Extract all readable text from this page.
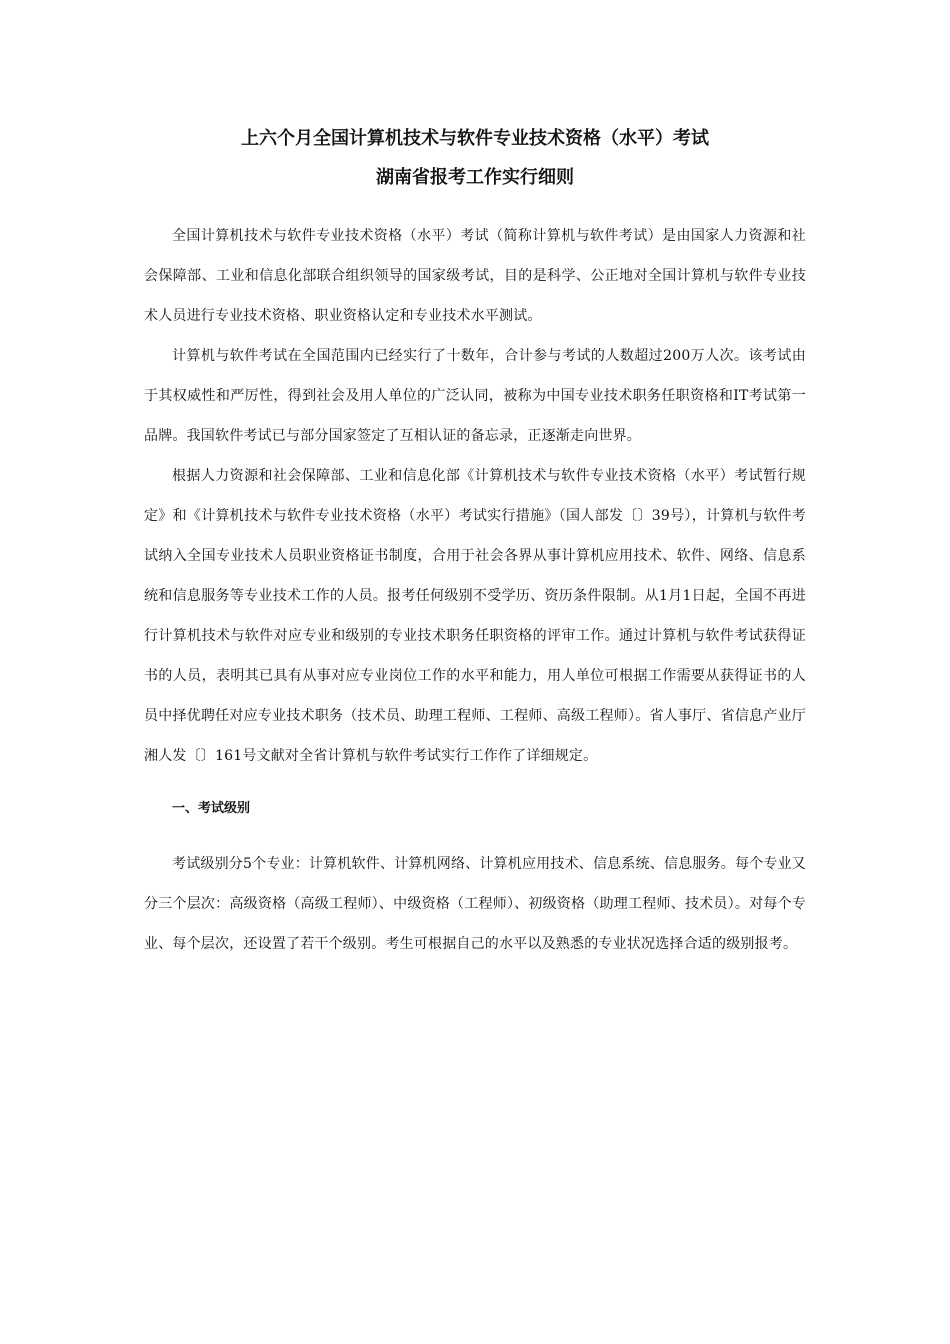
上六个月全国计算机技术与软件专业技术资格（水平）考试
湖南省报考工作实行细则

全国计算机技术与软件专业技术资格（水平）考试（简称计算机与软件考试）是由国家人力资源和社会保障部、工业和信息化部联合组织领导的国家级考试，目的是科学、公正地对全国计算机与软件专业技术人员进行专业技术资格、职业资格认定和专业技术水平测试。

计算机与软件考试在全国范围内已经实行了十数年，合计参与考试的人数超过200万人次。该考试由于其权威性和严厉性，得到社会及用人单位的广泛认同，被称为中国专业技术职务任职资格和IT考试第一品牌。我国软件考试已与部分国家签定了互相认证的备忘录，正逐渐走向世界。

根据人力资源和社会保障部、工业和信息化部《计算机技术与软件专业技术资格（水平）考试暂行规定》和《计算机技术与软件专业技术资格（水平）考试实行措施》（国人部发〔〕39号），计算机与软件考试纳入全国专业技术人员职业资格证书制度，合用于社会各界从事计算机应用技术、软件、网络、信息系统和信息服务等专业技术工作的人员。报考任何级别不受学历、资历条件限制。从1月1日起，全国不再进行计算机技术与软件对应专业和级别的专业技术职务任职资格的评审工作。通过计算机与软件考试获得证书的人员，表明其已具有从事对应专业岗位工作的水平和能力，用人单位可根据工作需要从获得证书的人员中择优聘任对应专业技术职务（技术员、助理工程师、工程师、高级工程师）。省人事厅、省信息产业厅湘人发〔〕161号文献对全省计算机与软件考试实行工作作了详细规定。

一、考试级别

考试级别分5个专业：计算机软件、计算机网络、计算机应用技术、信息系统、信息服务。每个专业又分三个层次：高级资格（高级工程师）、中级资格（工程师）、初级资格（助理工程师、技术员）。对每个专业、每个层次，还设置了若干个级别。考生可根据自己的水平以及熟悉的专业状况选择合适的级别报考。
